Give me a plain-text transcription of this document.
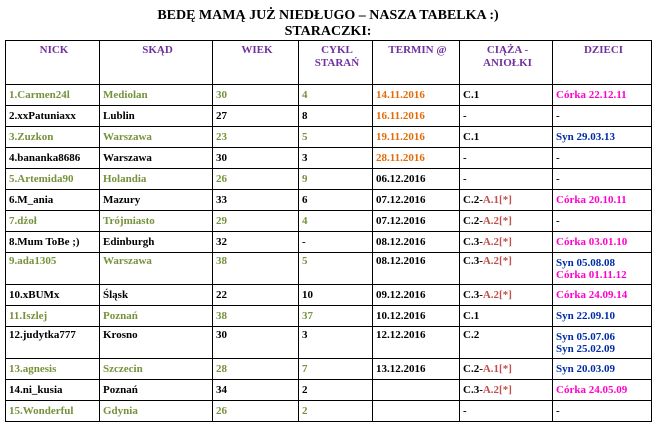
BEDĘ MAMĄ JUŻ NIEDŁUGO – NASZA TABELKA :)

STARACZKI:

NICK	SKĄD	WIEK	CYKL STARAŃ	TERMIN @	CIĄŻA - ANIOŁKI	DZIECI
1.Carmen24l	Mediolan	30	4	14.11.2016	C.1	Córka 22.12.11

2.xxPatuniaxx	Lublin	27	8	16.11.2016	-	-

3.Zuzkon	Warszawa	23	5	19.11.2016	C.1	Syn 29.03.13

4.bananka8686	Warszawa	30	3	28.11.2016	-	-

5.Artemida90	Holandia	26	9	06.12.2016	-	-

6.M_ania	Mazury	33	6	07.12.2016	C.2-A.1[*]	Córka 20.10.11

7.dżoł	Trójmiasto	29	4	07.12.2016	C.2-A.2[*]	-

8.Mum ToBe ;)	Edinburgh	32	-	08.12.2016	C.3-A.2[*]	Córka 03.01.10

9.ada1305	Warszawa	38	5	08.12.2016	C.3-A.2[*]	Syn 05.08.08
Córka 01.11.12

10.xBUMx	Śląsk	22	10	09.12.2016	C.3-A.2[*]	Córka 24.09.14

11.Iszlej	Poznań	38	37	10.12.2016	C.1	Syn 22.09.10

12.judytka777	Krosno	30	3	12.12.2016	C.2	Syn 05.07.06
Syn 25.02.09

13.agnesis	Szczecin	28	7	13.12.2016	C.2-A.1[*]	Syn 20.03.09

14.ni_kusia	Poznań	34	2		C.3-A.2[*]	Córka 24.05.09

15.Wonderful	Gdynia	26	2		-	-
